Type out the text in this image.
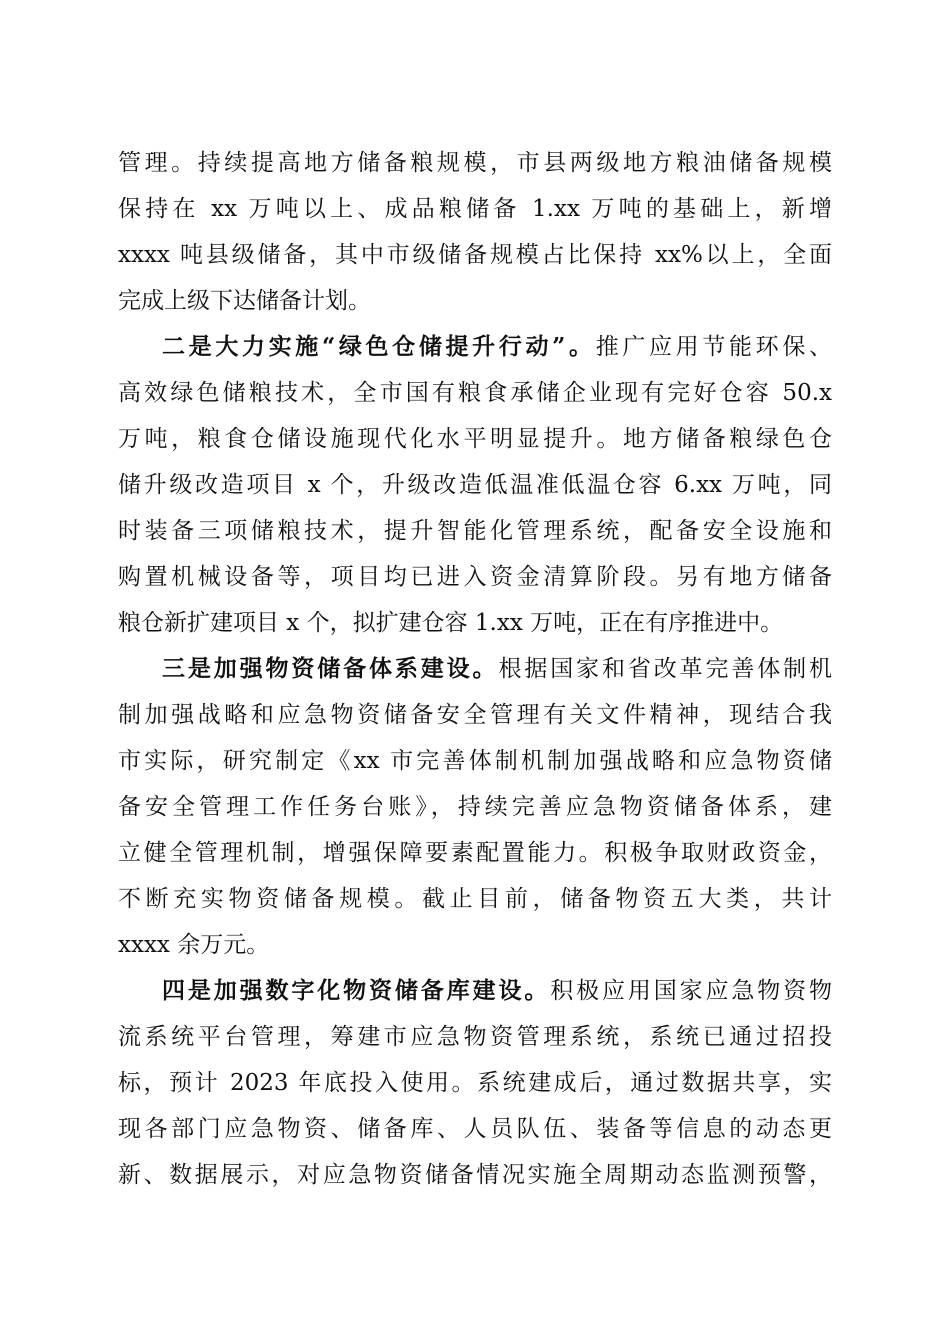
管理。持续提高地方储备粮规模，市县两级地方粮油储备规模
保持在 xx 万吨以上、成品粮储备 1.xx 万吨的基础上，新增
xxxx 吨县级储备，其中市级储备规模占比保持 xx%以上，全面
完成上级下达储备计划。
二是大力实施“绿色仓储提升行动”。推广应用节能环保、
高效绿色储粮技术，全市国有粮食承储企业现有完好仓容 50.x
万吨，粮食仓储设施现代化水平明显提升。地方储备粮绿色仓
储升级改造项目 x 个，升级改造低温准低温仓容 6.xx 万吨，同
时装备三项储粮技术，提升智能化管理系统，配备安全设施和
购置机械设备等，项目均已进入资金清算阶段。另有地方储备
粮仓新扩建项目 x 个，拟扩建仓容 1.xx 万吨，正在有序推进中。
三是加强物资储备体系建设。根据国家和省改革完善体制机
制加强战略和应急物资储备安全管理有关文件精神，现结合我
市实际，研究制定《xx 市完善体制机制加强战略和应急物资储
备安全管理工作任务台账》，持续完善应急物资储备体系，建
立健全管理机制，增强保障要素配置能力。积极争取财政资金，
不断充实物资储备规模。截止目前，储备物资五大类，共计
xxxx 余万元。
四是加强数字化物资储备库建设。积极应用国家应急物资物
流系统平台管理，筹建市应急物资管理系统，系统已通过招投
标，预计 2023 年底投入使用。系统建成后，通过数据共享，实
现各部门应急物资、储备库、人员队伍、装备等信息的动态更
新、数据展示，对应急物资储备情况实施全周期动态监测预警，
